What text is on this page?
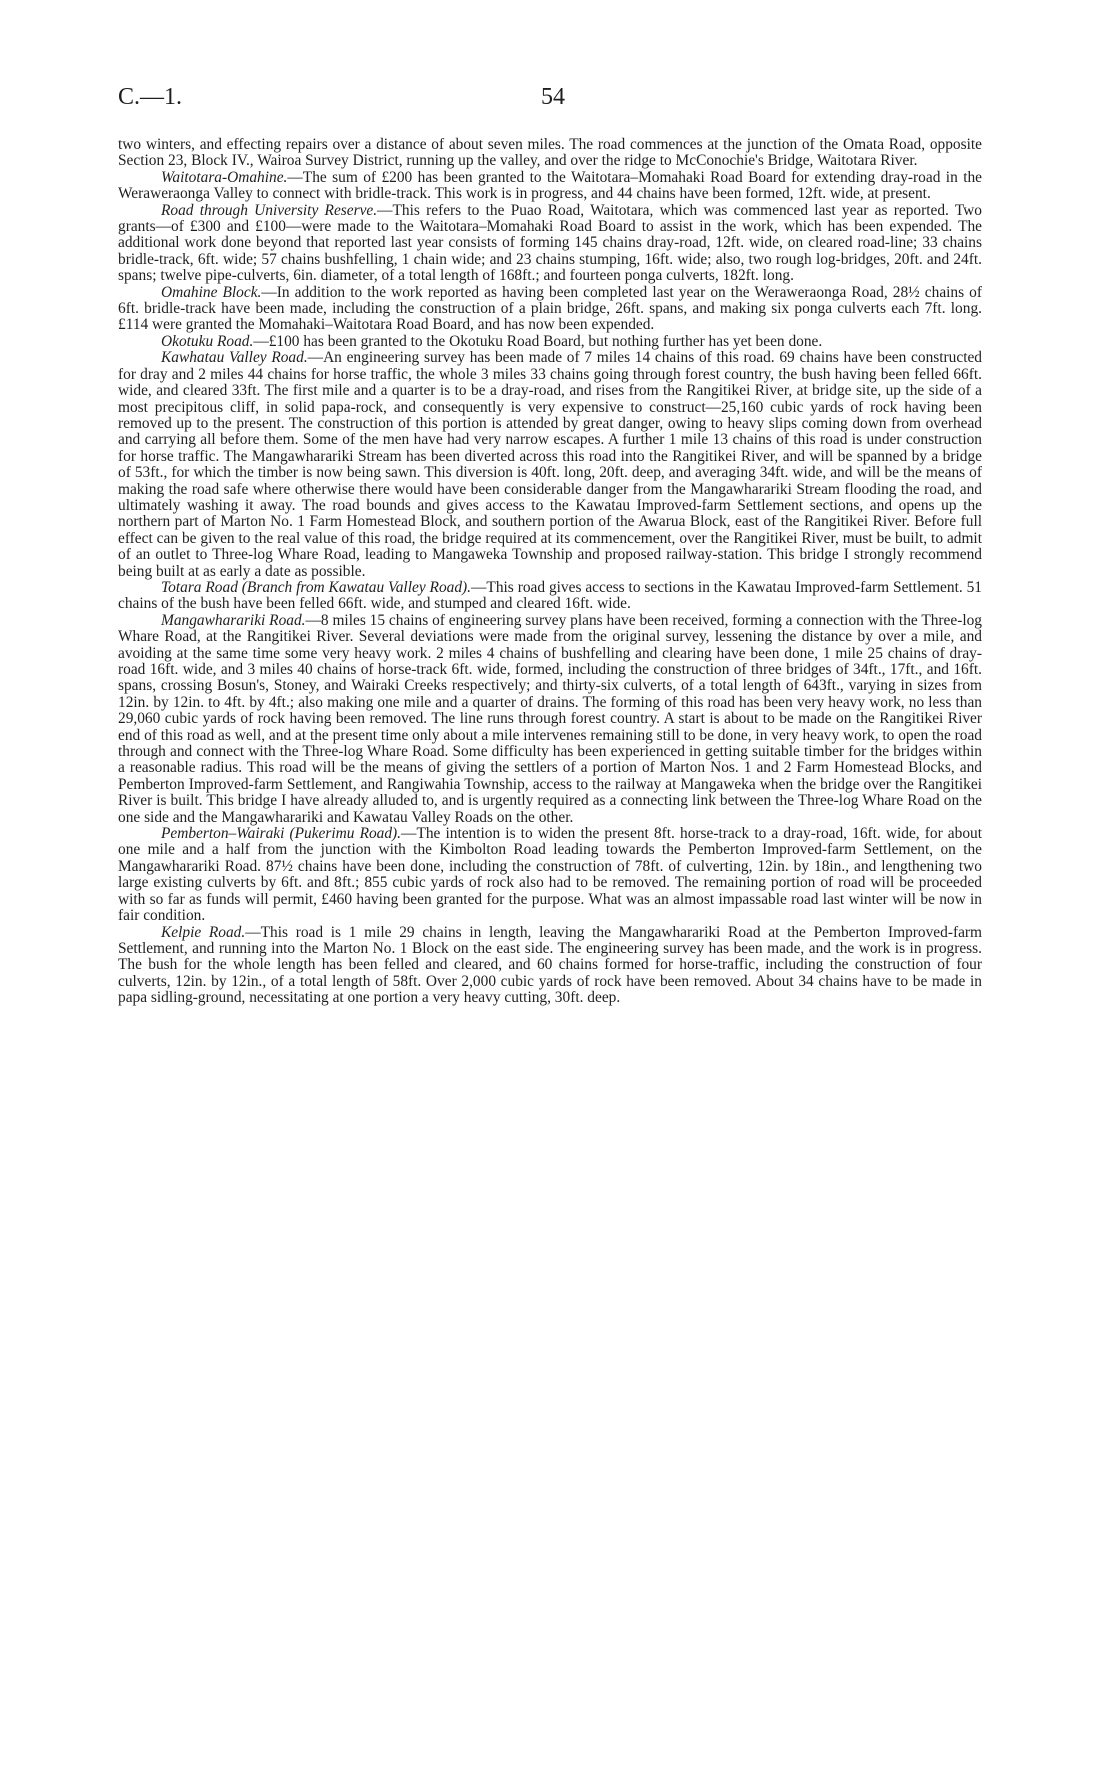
C.—1.	54

two winters, and effecting repairs over a distance of about seven miles. The road commences at the junction of the Omata Road, opposite Section 23, Block IV., Wairoa Survey District, running up the valley, and over the ridge to McConochie's Bridge, Waitotara River.

Waitotara-Omahine.—The sum of £200 has been granted to the Waitotara–Momahaki Road Board for extending dray-road in the Weraweraonga Valley to connect with bridle-track. This work is in progress, and 44 chains have been formed, 12ft. wide, at present.

Road through University Reserve.—This refers to the Puao Road, Waitotara, which was commenced last year as reported. Two grants—of £300 and £100—were made to the Waitotara–Momahaki Road Board to assist in the work, which has been expended. The additional work done beyond that reported last year consists of forming 145 chains dray-road, 12ft. wide, on cleared road-line; 33 chains bridle-track, 6ft. wide; 57 chains bushfelling, 1 chain wide; and 23 chains stumping, 16ft. wide; also, two rough log-bridges, 20ft. and 24ft. spans; twelve pipe-culverts, 6in. diameter, of a total length of 168ft.; and fourteen ponga culverts, 182ft. long.

Omahine Block.—In addition to the work reported as having been completed last year on the Weraweraonga Road, 28½ chains of 6ft. bridle-track have been made, including the construction of a plain bridge, 26ft. spans, and making six ponga culverts each 7ft. long. £114 were granted the Momahaki–Waitotara Road Board, and has now been expended.

Okotuku Road.—£100 has been granted to the Okotuku Road Board, but nothing further has yet been done.

Kawhatau Valley Road.—An engineering survey has been made of 7 miles 14 chains of this road. 69 chains have been constructed for dray and 2 miles 44 chains for horse traffic, the whole 3 miles 33 chains going through forest country, the bush having been felled 66ft. wide, and cleared 33ft. The first mile and a quarter is to be a dray-road, and rises from the Rangitikei River, at bridge site, up the side of a most precipitous cliff, in solid papa-rock, and consequently is very expensive to construct—25,160 cubic yards of rock having been removed up to the present. The construction of this portion is attended by great danger, owing to heavy slips coming down from overhead and carrying all before them. Some of the men have had very narrow escapes. A further 1 mile 13 chains of this road is under construction for horse traffic. The Mangawharariki Stream has been diverted across this road into the Rangitikei River, and will be spanned by a bridge of 53ft., for which the timber is now being sawn. This diversion is 40ft. long, 20ft. deep, and averaging 34ft. wide, and will be the means of making the road safe where otherwise there would have been considerable danger from the Mangawharariki Stream flooding the road, and ultimately washing it away. The road bounds and gives access to the Kawatau Improved-farm Settlement sections, and opens up the northern part of Marton No. 1 Farm Homestead Block, and southern portion of the Awarua Block, east of the Rangitikei River. Before full effect can be given to the real value of this road, the bridge required at its commencement, over the Rangitikei River, must be built, to admit of an outlet to Three-log Whare Road, leading to Mangaweka Township and proposed railway-station. This bridge I strongly recommend being built at as early a date as possible.

Totara Road (Branch from Kawatau Valley Road).—This road gives access to sections in the Kawatau Improved-farm Settlement. 51 chains of the bush have been felled 66ft. wide, and stumped and cleared 16ft. wide.

Mangawharariki Road.—8 miles 15 chains of engineering survey plans have been received, forming a connection with the Three-log Whare Road, at the Rangitikei River. Several deviations were made from the original survey, lessening the distance by over a mile, and avoiding at the same time some very heavy work. 2 miles 4 chains of bushfelling and clearing have been done, 1 mile 25 chains of dray-road 16ft. wide, and 3 miles 40 chains of horse-track 6ft. wide, formed, including the construction of three bridges of 34ft., 17ft., and 16ft. spans, crossing Bosun's, Stoney, and Wairaki Creeks respectively; and thirty-six culverts, of a total length of 643ft., varying in sizes from 12in. by 12in. to 4ft. by 4ft.; also making one mile and a quarter of drains. The forming of this road has been very heavy work, no less than 29,060 cubic yards of rock having been removed. The line runs through forest country. A start is about to be made on the Rangitikei River end of this road as well, and at the present time only about a mile intervenes remaining still to be done, in very heavy work, to open the road through and connect with the Three-log Whare Road. Some difficulty has been experienced in getting suitable timber for the bridges within a reasonable radius. This road will be the means of giving the settlers of a portion of Marton Nos. 1 and 2 Farm Homestead Blocks, and Pemberton Improved-farm Settlement, and Rangiwahia Township, access to the railway at Mangaweka when the bridge over the Rangitikei River is built. This bridge I have already alluded to, and is urgently required as a connecting link between the Three-log Whare Road on the one side and the Mangawharariki and Kawatau Valley Roads on the other.

Pemberton–Wairaki (Pukerimu Road).—The intention is to widen the present 8ft. horse-track to a dray-road, 16ft. wide, for about one mile and a half from the junction with the Kimbolton Road leading towards the Pemberton Improved-farm Settlement, on the Mangawharariki Road. 87½ chains have been done, including the construction of 78ft. of culverting, 12in. by 18in., and lengthening two large existing culverts by 6ft. and 8ft.; 855 cubic yards of rock also had to be removed. The remaining portion of road will be proceeded with so far as funds will permit, £460 having been granted for the purpose. What was an almost impassable road last winter will be now in fair condition.

Kelpie Road.—This road is 1 mile 29 chains in length, leaving the Mangawharariki Road at the Pemberton Improved-farm Settlement, and running into the Marton No. 1 Block on the east side. The engineering survey has been made, and the work is in progress. The bush for the whole length has been felled and cleared, and 60 chains formed for horse-traffic, including the construction of four culverts, 12in. by 12in., of a total length of 58ft. Over 2,000 cubic yards of rock have been removed. About 34 chains have to be made in papa sidling-ground, necessitating at one portion a very heavy cutting, 30ft. deep.
